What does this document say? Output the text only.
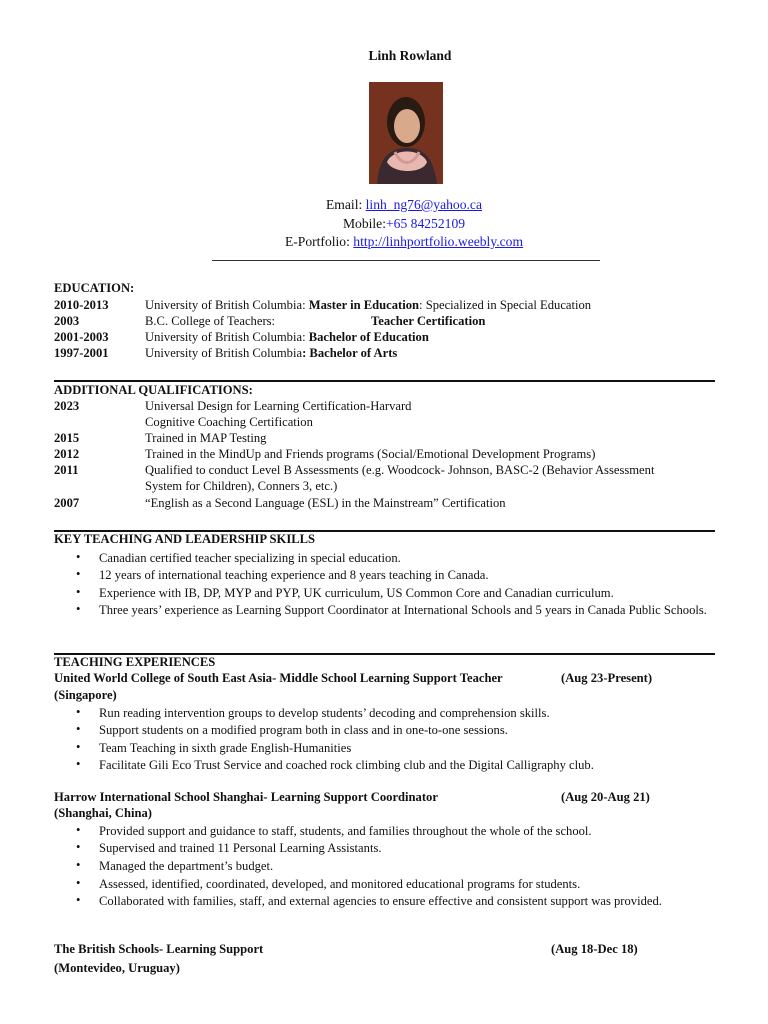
Linh Rowland
Email: linh_ng76@yahoo.ca
Mobile:+65 84252109
E-Portfolio: http://linhportfolio.weebly.com
EDUCATION:
2010-2013	University of British Columbia: Master in Education: Specialized in Special Education
2003	B.C. College of Teachers:	Teacher Certification
2001-2003	University of British Columbia: Bachelor of Education
1997-2001	University of British Columbia: Bachelor of Arts
ADDITIONAL QUALIFICATIONS:
2023	Universal Design for Learning Certification-Harvard
Cognitive Coaching Certification
2015	Trained in MAP Testing
2012	Trained in the MindUp and Friends programs (Social/Emotional Development Programs)
2011	Qualified to conduct Level B Assessments (e.g. Woodcock- Johnson, BASC-2 (Behavior Assessment
System for Children), Conners 3, etc.)
2007	“English as a Second Language (ESL) in the Mainstream” Certification
KEY TEACHING AND LEADERSHIP SKILLS
• Canadian certified teacher specializing in special education.
• 12 years of international teaching experience and 8 years teaching in Canada.
• Experience with IB, DP, MYP and PYP, UK curriculum, US Common Core and Canadian curriculum.
• Three years’ experience as Learning Support Coordinator at International Schools and 5 years in Canada Public Schools.
TEACHING EXPERIENCES
United World College of South East Asia- Middle School Learning Support Teacher	(Aug 23-Present)
(Singapore)
• Run reading intervention groups to develop students’ decoding and comprehension skills.
• Support students on a modified program both in class and in one-to-one sessions.
• Team Teaching in sixth grade English-Humanities
• Facilitate Gili Eco Trust Service and coached rock climbing club and the Digital Calligraphy club.
Harrow International School Shanghai- Learning Support Coordinator	(Aug 20-Aug 21)
(Shanghai, China)
• Provided support and guidance to staff, students, and families throughout the whole of the school.
• Supervised and trained 11 Personal Learning Assistants.
• Managed the department’s budget.
• Assessed, identified, coordinated, developed, and monitored educational programs for students.
• Collaborated with families, staff, and external agencies to ensure effective and consistent support was provided.
The British Schools- Learning Support	(Aug 18-Dec 18)
(Montevideo, Uruguay)
